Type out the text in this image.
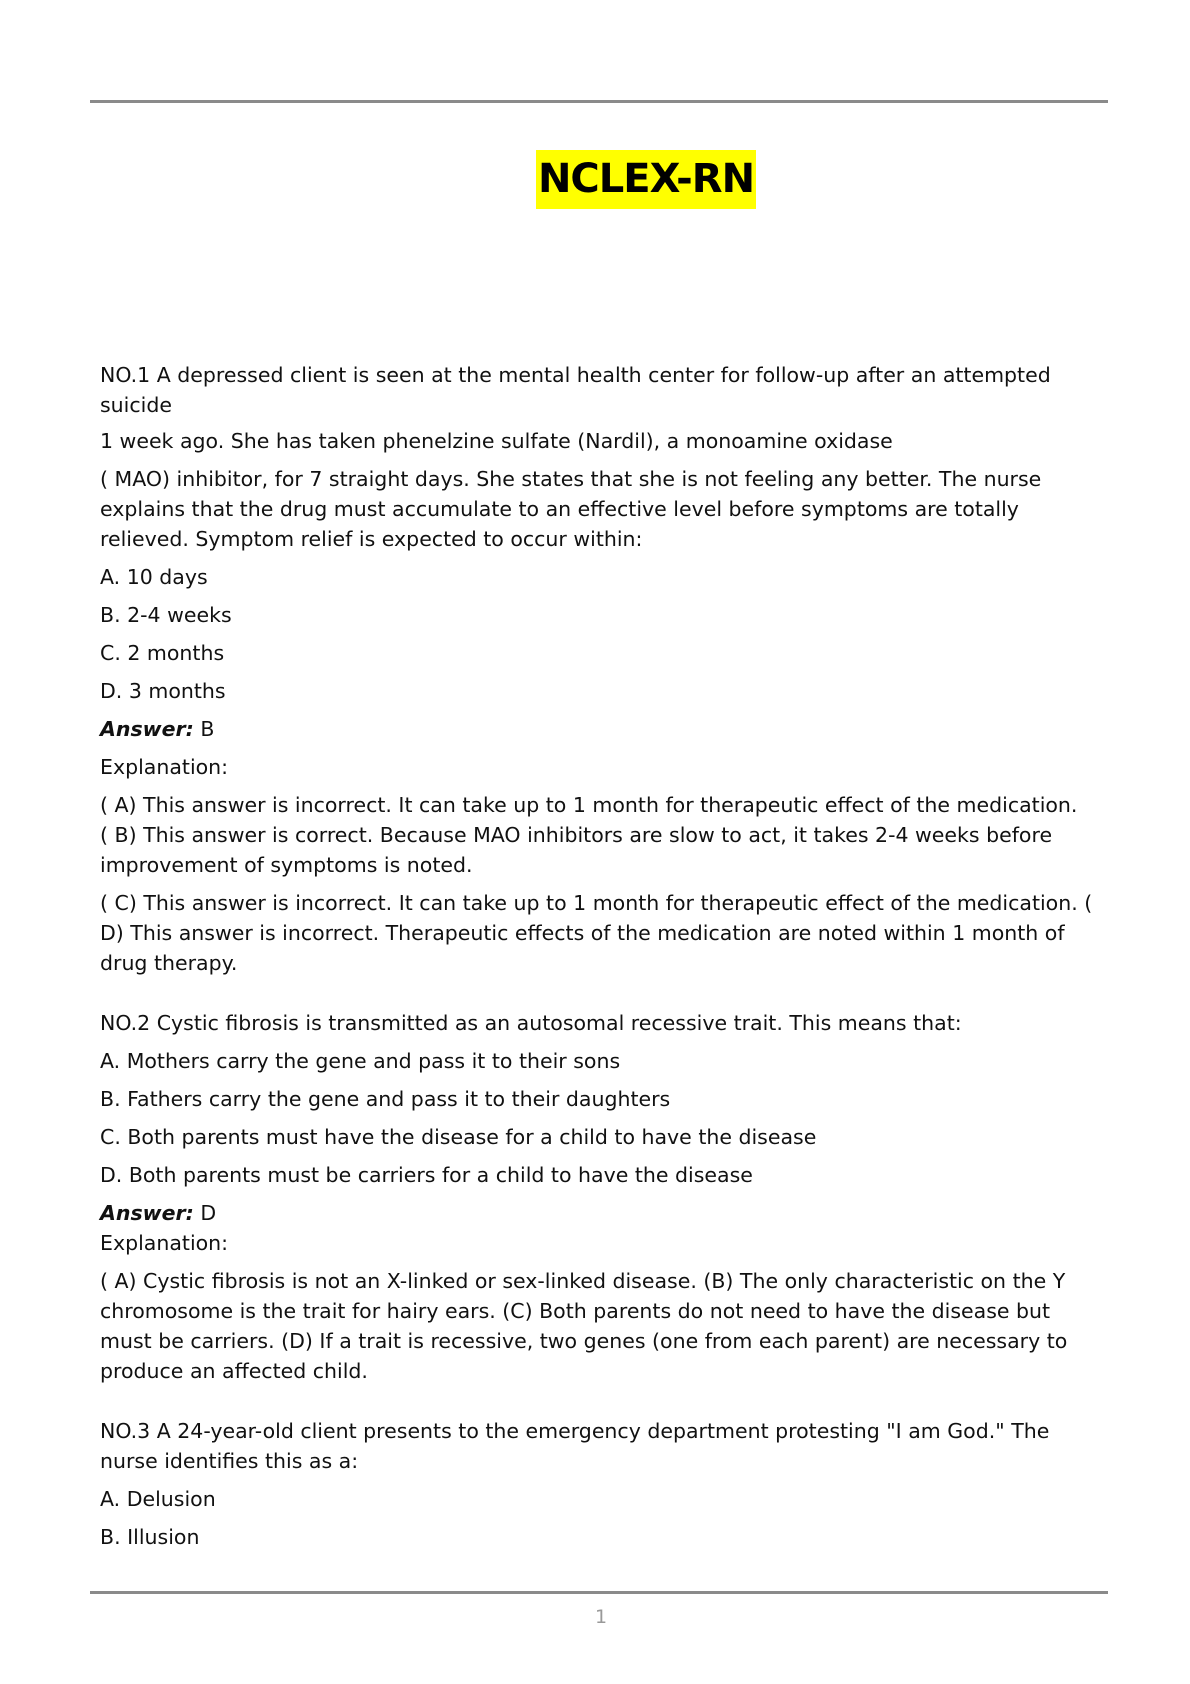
NCLEX-RN

NO.1 A depressed client is seen at the mental health center for follow-up after an attempted suicide

1 week ago. She has taken phenelzine sulfate (Nardil), a monoamine oxidase

( MAO) inhibitor, for 7 straight days. She states that she is not feeling any better. The nurse explains that the drug must accumulate to an effective level before symptoms are totally relieved. Symptom relief is expected to occur within:

A. 10 days

B. 2-4 weeks

C. 2 months

D. 3 months

Answer: B

Explanation:

( A) This answer is incorrect. It can take up to 1 month for therapeutic effect of the medication.

( B) This answer is correct. Because MAO inhibitors are slow to act, it takes 2-4 weeks before improvement of symptoms is noted.

( C) This answer is incorrect. It can take up to 1 month for therapeutic effect of the medication. ( D) This answer is incorrect. Therapeutic effects of the medication are noted within 1 month of drug therapy.

NO.2 Cystic fibrosis is transmitted as an autosomal recessive trait. This means that:

A. Mothers carry the gene and pass it to their sons

B. Fathers carry the gene and pass it to their daughters

C. Both parents must have the disease for a child to have the disease

D. Both parents must be carriers for a child to have the disease

Answer: D

Explanation:

( A) Cystic fibrosis is not an X-linked or sex-linked disease. (B) The only characteristic on the Y chromosome is the trait for hairy ears. (C) Both parents do not need to have the disease but must be carriers. (D) If a trait is recessive, two genes (one from each parent) are necessary to produce an affected child.

NO.3 A 24-year-old client presents to the emergency department protesting "I am God." The nurse identifies this as a:

A. Delusion

B. Illusion

1
